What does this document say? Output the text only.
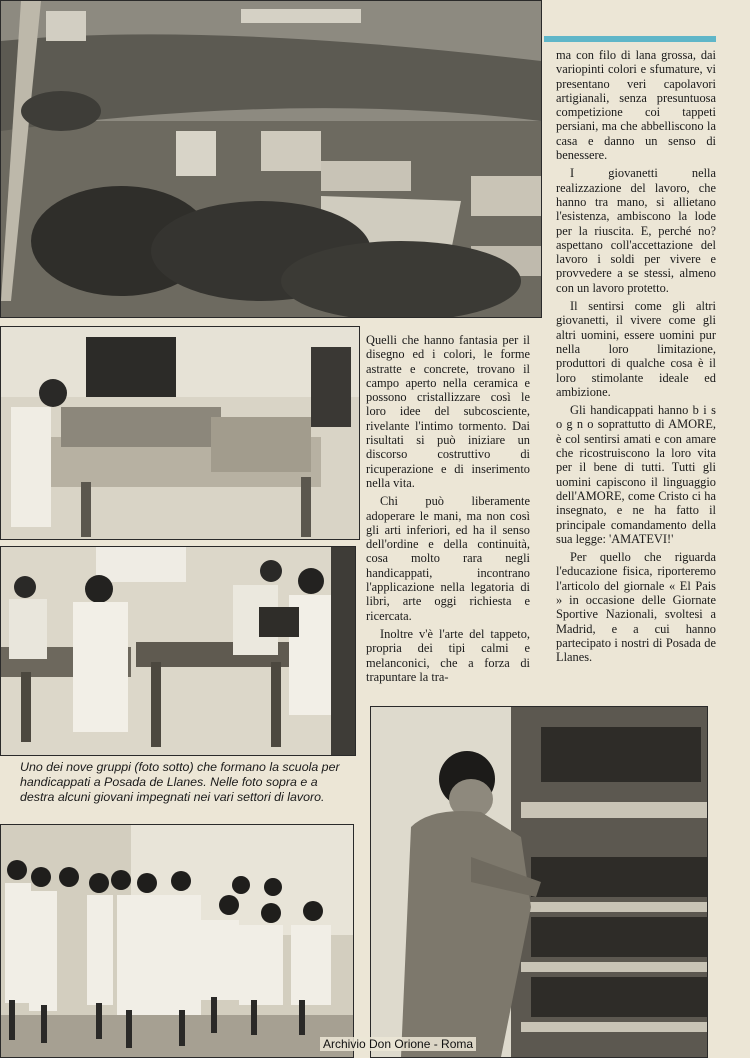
Uno dei nove gruppi (foto sotto) che formano la scuola per handicappati a Posada de Llanes. Nelle foto sopra e a destra alcuni giovani impegnati nei vari settori di lavoro.

Quelli che hanno fantasia per il disegno ed i colori, le forme astratte e concrete, trovano il campo aperto nella ceramica e possono cristallizzare così le loro idee del subcosciente, rivelante l'intimo tormento. Dai risultati si può iniziare un discorso costruttivo di ricuperazione e di inserimento nella vita.

Chi può liberamente adoperare le mani, ma non così gli arti inferiori, ed ha il senso dell'ordine e della continuità, cosa molto rara negli handicappati, incontrano l'applicazione nella legatoria di libri, arte oggi richiesta e ricercata.

Inoltre v'è l'arte del tappeto, propria dei tipi calmi e melanconici, che a forza di trapuntare la tra-

ma con filo di lana grossa, dai variopinti colori e sfumature, vi presentano veri capolavori artigianali, senza presuntuosa competizione coi tappeti persiani, ma che abbelliscono la casa e danno un senso di benessere.

I giovanetti nella realizzazione del lavoro, che hanno tra mano, si allietano l'esistenza, ambiscono la lode per la riuscita. E, perché no? aspettano coll'accettazione del lavoro i soldi per vivere e provvedere a se stessi, almeno con un lavoro protetto.

Il sentirsi come gli altri giovanetti, il vivere come gli altri uomini, essere uomini pur nella loro limitazione, produttori di qualche cosa è il loro stimolante ideale ed ambizione.

Gli handicappati hanno b i s o g n o soprattutto di AMORE, è col sentirsi amati e con amare che ricostruiscono la loro vita per il bene di tutti. Tutti gli uomini capiscono il linguaggio dell'AMORE, come Cristo ci ha insegnato, e ne ha fatto il principale comandamento della sua legge: 'AMATEVI!'

Per quello che riguarda l'educazione fisica, riporteremo l'articolo del giornale « El Pais » in occasione delle Giornate Sportive Nazionali, svoltesi a Madrid, e a cui hanno partecipato i nostri di Posada de Llanes.

Archivio Don Orione - Roma
